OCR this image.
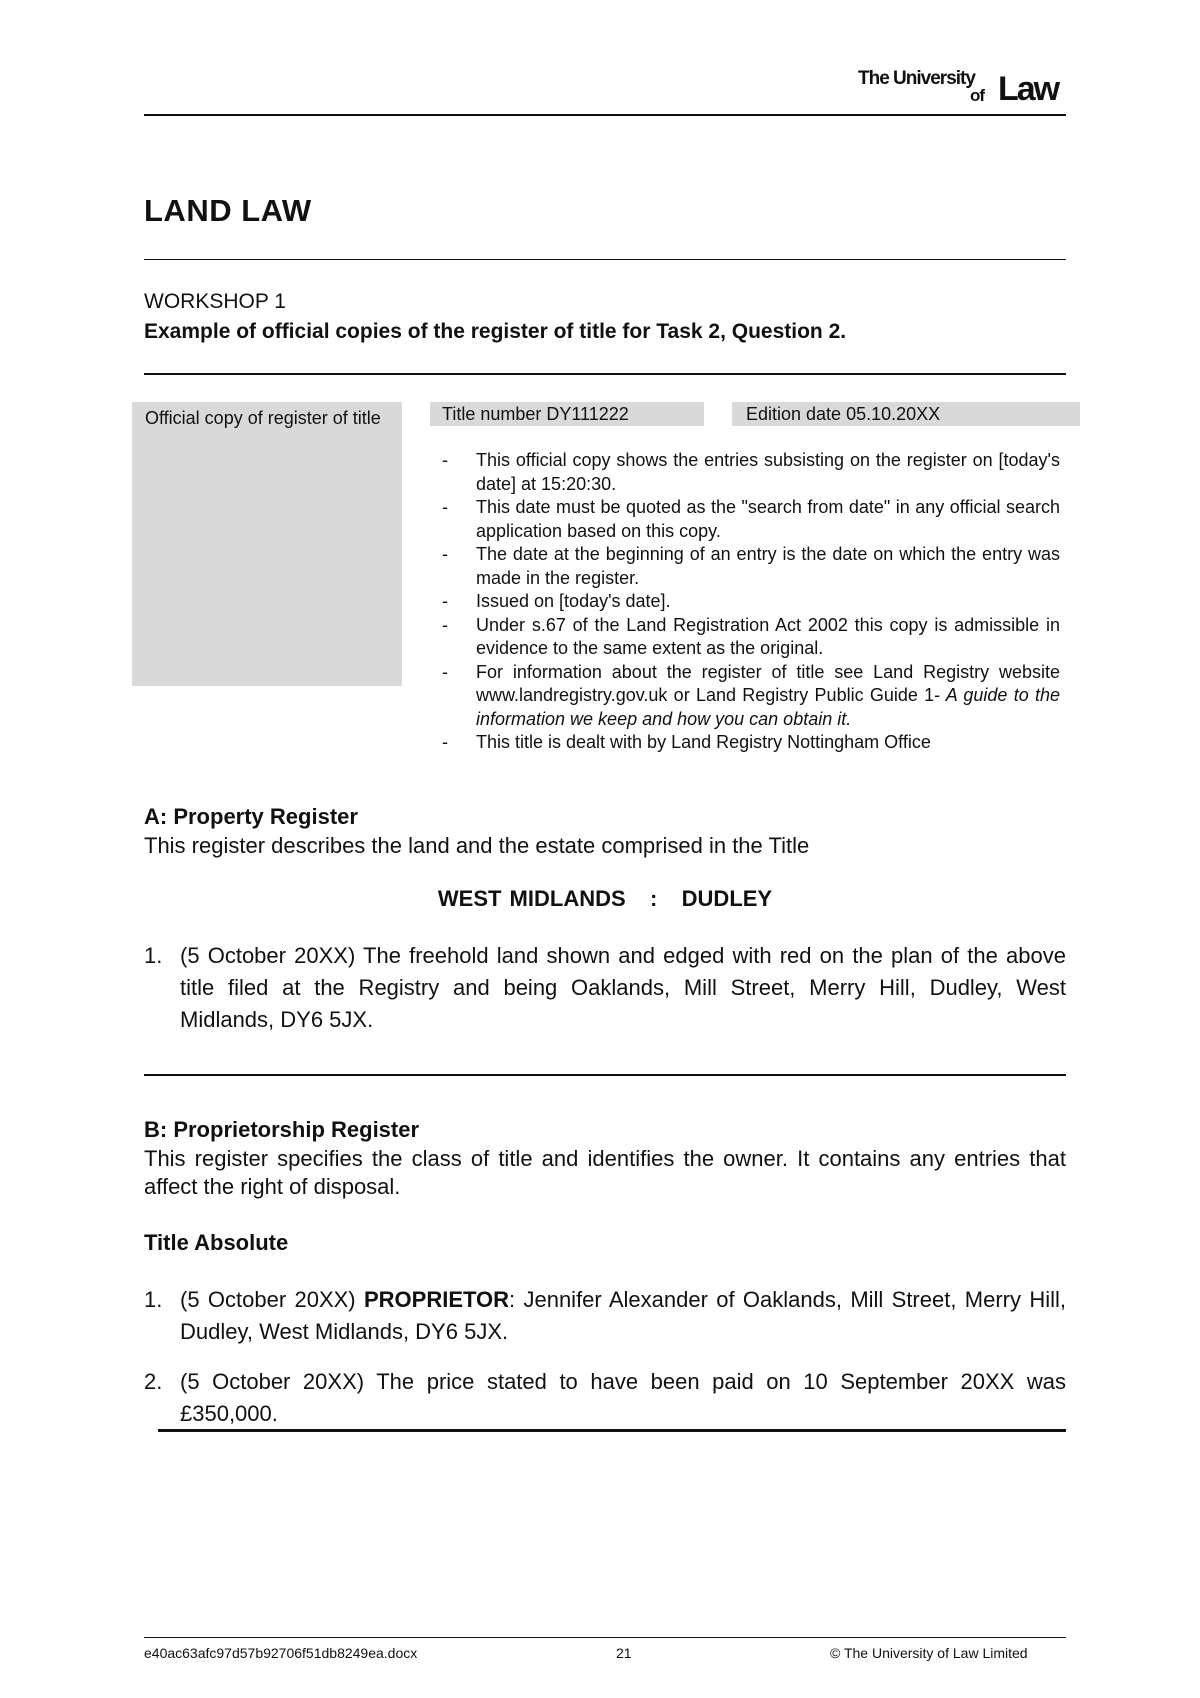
The University
of Law
LAND LAW
WORKSHOP 1
Example of official copies of the register of title for Task 2, Question 2.
Official copy of register of title	Title number DY111222	Edition date 05.10.20XX
- This official copy shows the entries subsisting on the register on [today's date] at 15:20:30.
- This date must be quoted as the "search from date" in any official search application based on this copy.
- The date at the beginning of an entry is the date on which the entry was made in the register.
- Issued on [today's date].
- Under s.67 of the Land Registration Act 2002 this copy is admissible in evidence to the same extent as the original.
- For information about the register of title see Land Registry website www.landregistry.gov.uk or Land Registry Public Guide 1- A guide to the information we keep and how you can obtain it.
- This title is dealt with by Land Registry Nottingham Office
A: Property Register
This register describes the land and the estate comprised in the Title
WEST MIDLANDS   :   DUDLEY
1. (5 October 20XX) The freehold land shown and edged with red on the plan of the above title filed at the Registry and being Oaklands, Mill Street, Merry Hill, Dudley, West Midlands, DY6 5JX.
B: Proprietorship Register
This register specifies the class of title and identifies the owner. It contains any entries that affect the right of disposal.
Title Absolute
1. (5 October 20XX) PROPRIETOR: Jennifer Alexander of Oaklands, Mill Street, Merry Hill, Dudley, West Midlands, DY6 5JX.
2. (5 October 20XX) The price stated to have been paid on 10 September 20XX was £350,000.
e40ac63afc97d57b92706f51db8249ea.docx	21	© The University of Law Limited
